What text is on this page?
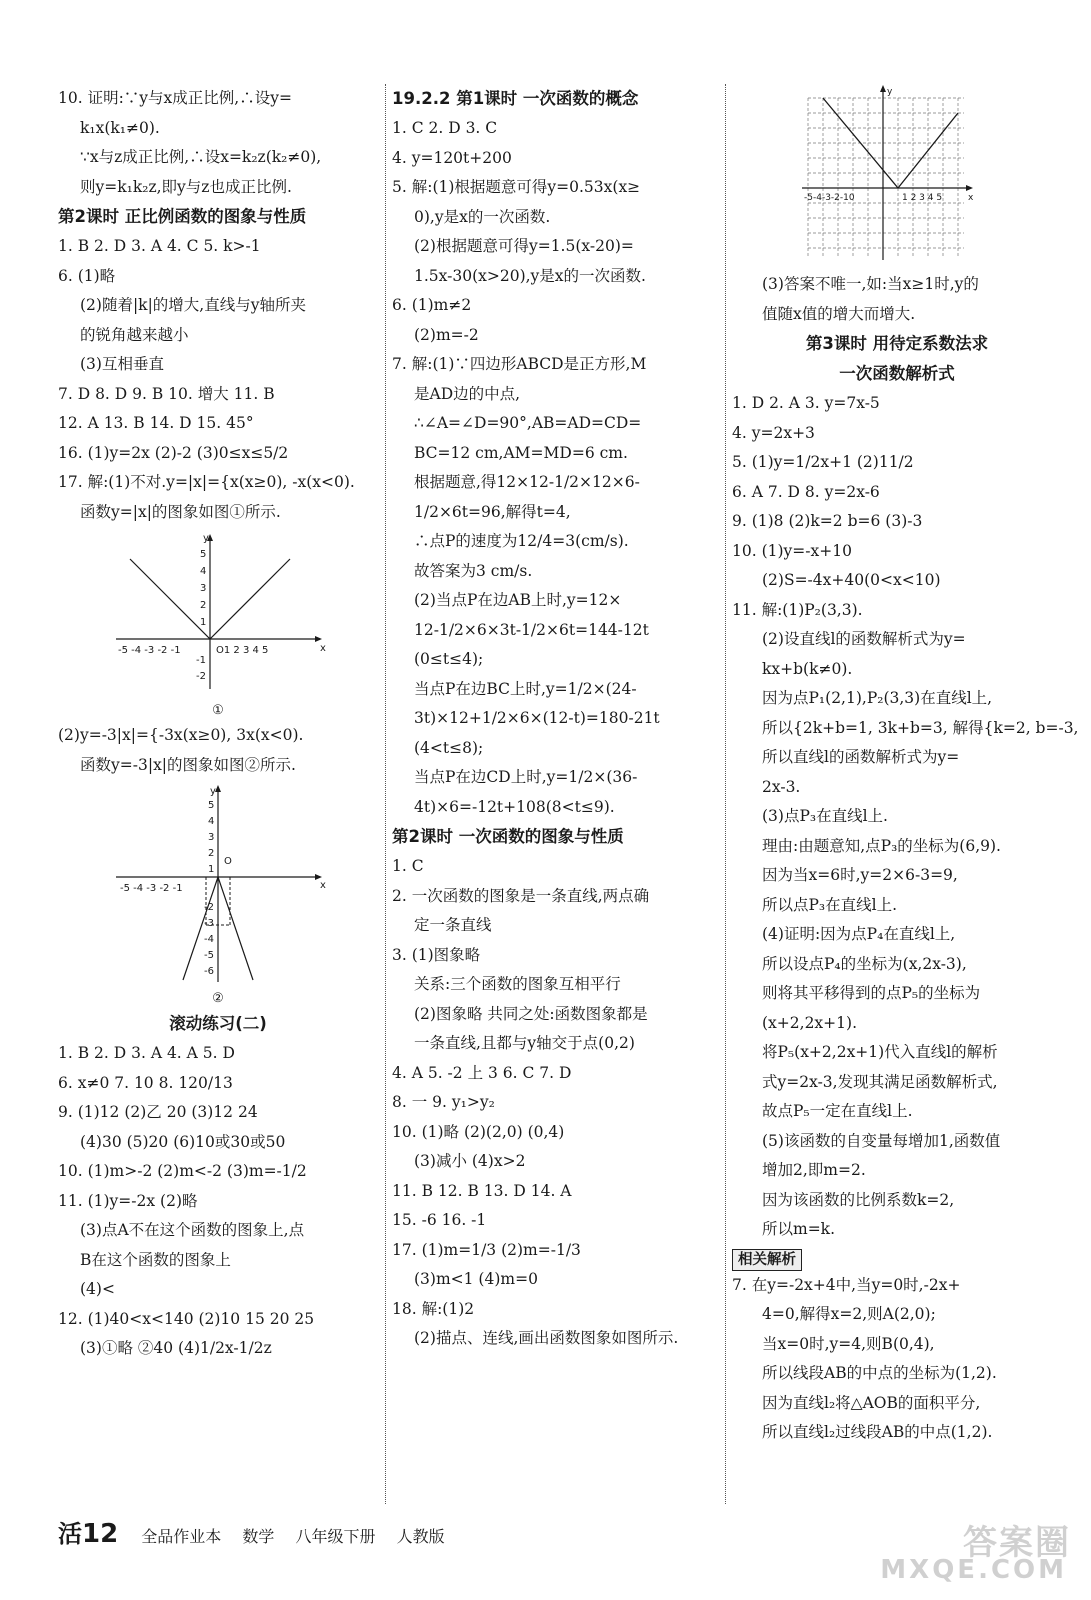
10. 证明:∵y与x成正比例,∴设y=
k₁x(k₁≠0).
∵x与z成正比例,∴设x=k₂z(k₂≠0),
则y=k₁k₂z,即y与z也成正比例.
第2课时 正比例函数的图象与性质
1. B 2. D 3. A 4. C 5. k>-1
6. (1)略
(2)随着|k|的增大,直线与y轴所夹
的锐角越来越小
(3)互相垂直
7. D 8. D 9. B 10. 增大 11. B
12. A 13. B 14. D 15. 45°
16. (1)y=2x (2)-2 (3)0≤x≤5/2
17. 解:(1)不对.y=|x|={x(x≥0), -x(x<0).
函数y=|x|的图象如图①所示.
y
x
-5 -4 -3 -2 -1	O1 2 3 4 5
5
4
3
2
1
-1
-2
①
(2)y=-3|x|={-3x(x≥0), 3x(x<0).
函数y=-3|x|的图象如图②所示.
y
x
-5 -4 -3 -2 -1
O
5
4
3
2
1
-2
-3
-4
-5
-6
②
滚动练习(二)
1. B 2. D 3. A 4. A 5. D
6. x≠0 7. 10 8. 120/13
9. (1)12 (2)乙 20 (3)12 24
(4)30 (5)20 (6)10或30或50
10. (1)m>-2 (2)m<-2 (3)m=-1/2
11. (1)y=-2x (2)略
(3)点A不在这个函数的图象上,点
B在这个函数的图象上
(4)<
12. (1)40<x<140 (2)10 15 20 25
(3)①略 ②40 (4)1/2x-1/2z
19.2.2 第1课时 一次函数的概念
1. C 2. D 3. C
4. y=120t+200
5. 解:(1)根据题意可得y=0.53x(x≥
0),y是x的一次函数.
(2)根据题意可得y=1.5(x-20)=
1.5x-30(x>20),y是x的一次函数.
6. (1)m≠2
(2)m=-2
7. 解:(1)∵四边形ABCD是正方形,M
是AD边的中点,
∴∠A=∠D=90°,AB=AD=CD=
BC=12 cm,AM=MD=6 cm.
根据题意,得12×12-1/2×12×6-
1/2×6t=96,解得t=4,
∴点P的速度为12/4=3(cm/s).
故答案为3 cm/s.
(2)当点P在边AB上时,y=12×
12-1/2×6×3t-1/2×6t=144-12t
(0≤t≤4);
当点P在边BC上时,y=1/2×(24-
3t)×12+1/2×6×(12-t)=180-21t
(4<t≤8);
当点P在边CD上时,y=1/2×(36-
4t)×6=-12t+108(8<t≤9).
第2课时 一次函数的图象与性质
1. C
2. 一次函数的图象是一条直线,两点确
定一条直线
3. (1)图象略
关系:三个函数的图象互相平行
(2)图象略 共同之处:函数图象都是
一条直线,且都与y轴交于点(0,2)
4. A 5. -2 上 3 6. C 7. D
8. 一 9. y₁>y₂
10. (1)略 (2)(2,0) (0,4)
(3)减小 (4)x>2
11. B 12. B 13. D 14. A
15. -6 16. -1
17. (1)m=1/3 (2)m=-1/3
(3)m<1 (4)m=0
18. 解:(1)2
(2)描点、连线,画出函数图象如图所示.
y
x
-5-4-3-2-10	1 2 3 4 5
(3)答案不唯一,如:当x≥1时,y的
值随x值的增大而增大.
第3课时 用待定系数法求
一次函数解析式
1. D 2. A 3. y=7x-5
4. y=2x+3
5. (1)y=1/2x+1 (2)11/2
6. A 7. D 8. y=2x-6
9. (1)8 (2)k=2 b=6 (3)-3
10. (1)y=-x+10
(2)S=-4x+40(0<x<10)
11. 解:(1)P₂(3,3).
(2)设直线l的函数解析式为y=
kx+b(k≠0).
因为点P₁(2,1),P₂(3,3)在直线l上,
所以{2k+b=1, 3k+b=3, 解得{k=2, b=-3,
所以直线l的函数解析式为y=
2x-3.
(3)点P₃在直线l上.
理由:由题意知,点P₃的坐标为(6,9).
因为当x=6时,y=2×6-3=9,
所以点P₃在直线l上.
(4)证明:因为点P₄在直线l上,
所以设点P₄的坐标为(x,2x-3),
则将其平移得到的点P₅的坐标为
(x+2,2x+1).
将P₅(x+2,2x+1)代入直线l的解析
式y=2x-3,发现其满足函数解析式,
故点P₅一定在直线l上.
(5)该函数的自变量每增加1,函数值
增加2,即m=2.
因为该函数的比例系数k=2,
所以m=k.
相关解析
7. 在y=-2x+4中,当y=0时,-2x+
4=0,解得x=2,则A(2,0);
当x=0时,y=4,则B(0,4),
所以线段AB的中点的坐标为(1,2).
因为直线l₂将△AOB的面积平分,
所以直线l₂过线段AB的中点(1,2).
活12 全品作业本 数学 八年级下册 人教版	答案圈
MXQE.COM
